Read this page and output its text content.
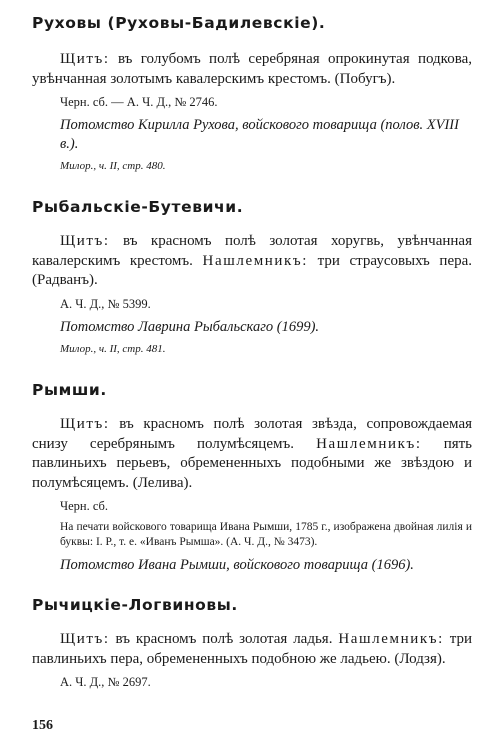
Руховы (Руховы-Бадилевскіе).

Щитъ: въ голубомъ полѣ серебряная опрокинутая подкова, увѣнчанная золотымъ кавалерскимъ крестомъ. (Побугъ).

Черн. сб. — А. Ч. Д., № 2746.

Потомство Кирилла Рухова, войскового товарища (полов. XVIII в.).

Милор., ч. II, стр. 480.

Рыбальскіе-Бутевичи.

Щитъ: въ красномъ полѣ золотая хоругвь, увѣнчанная кавалерскимъ крестомъ. Нашлемникъ: три страусовыхъ пера. (Радванъ).

А. Ч. Д., № 5399.

Потомство Лаврина Рыбальскаго (1699).

Милор., ч. II, стр. 481.

Рымши.

Щитъ: въ красномъ полѣ золотая звѣзда, сопровождаемая снизу серебрянымъ полумѣсяцемъ. Нашлемникъ: пять павлиньихъ перьевъ, обремененныхъ подобными же звѣздою и полумѣсяцемъ. (Лелива).

Черн. сб.

На печати войскового товарища Ивана Рымши, 1785 г., изображена двойная лилія и буквы: І. Р., т. е. «Иванъ Рымша». (А. Ч. Д., № 3473).

Потомство Ивана Рымши, войскового товарища (1696).

Рычицкіе-Логвиновы.

Щитъ: въ красномъ полѣ золотая ладья. Нашлемникъ: три павлиньихъ пера, обремененныхъ подобною же ладьею. (Лодзя).

А. Ч. Д., № 2697.

156
